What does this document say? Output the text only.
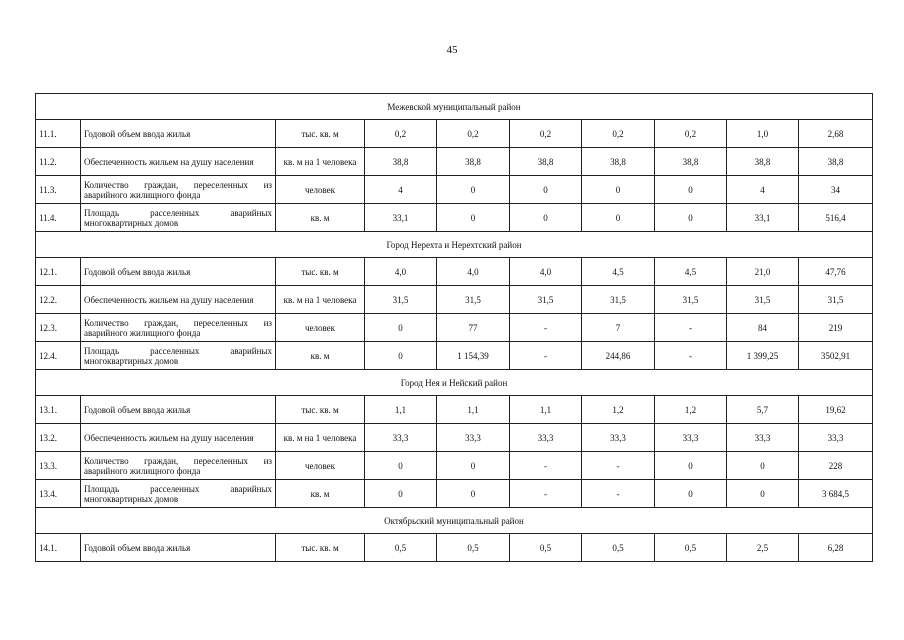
45
Межевской муниципальный район									
11.1.	Годовой объем ввода жилья	тыс. кв. м	0,2	0,2	0,2	0,2	0,2	1,0	2,68
11.2.	Обеспеченность жильем на душу населения	кв. м на 1 человека	38,8	38,8	38,8	38,8	38,8	38,8	38,8
11.3.	Количество граждан, переселенных из аварийного жилищного фонда	человек	4	0	0	0	0	4	34
11.4.	Площадь расселенных аварийных многоквартирных домов	кв. м	33,1	0	0	0	0	33,1	516,4
Город Нерехта и Нерехтский район									
12.1.	Годовой объем ввода жилья	тыс. кв. м	4,0	4,0	4,0	4,5	4,5	21,0	47,76
12.2.	Обеспеченность жильем на душу населения	кв. м на 1 человека	31,5	31,5	31,5	31,5	31,5	31,5	31,5
12.3.	Количество граждан, переселенных из аварийного жилищного фонда	человек	0	77	-	7	-	84	219
12.4.	Площадь расселенных аварийных многоквартирных домов	кв. м	0	1 154,39	-	244,86	-	1 399,25	3502,91
Город Нея и Нейский район									
13.1.	Годовой объем ввода жилья	тыс. кв. м	1,1	1,1	1,1	1,2	1,2	5,7	19,62
13.2.	Обеспеченность жильем на душу населения	кв. м на 1 человека	33,3	33,3	33,3	33,3	33,3	33,3	33,3
13.3.	Количество граждан, переселенных из аварийного жилищного фонда	человек	0	0	-	-	0	0	228
13.4.	Площадь расселенных аварийных многоквартирных домов	кв. м	0	0	-	-	0	0	3 684,5
Октябрьский муниципальный район									
14.1.	Годовой объем ввода жилья	тыс. кв. м	0,5	0,5	0,5	0,5	0,5	2,5	6,28
